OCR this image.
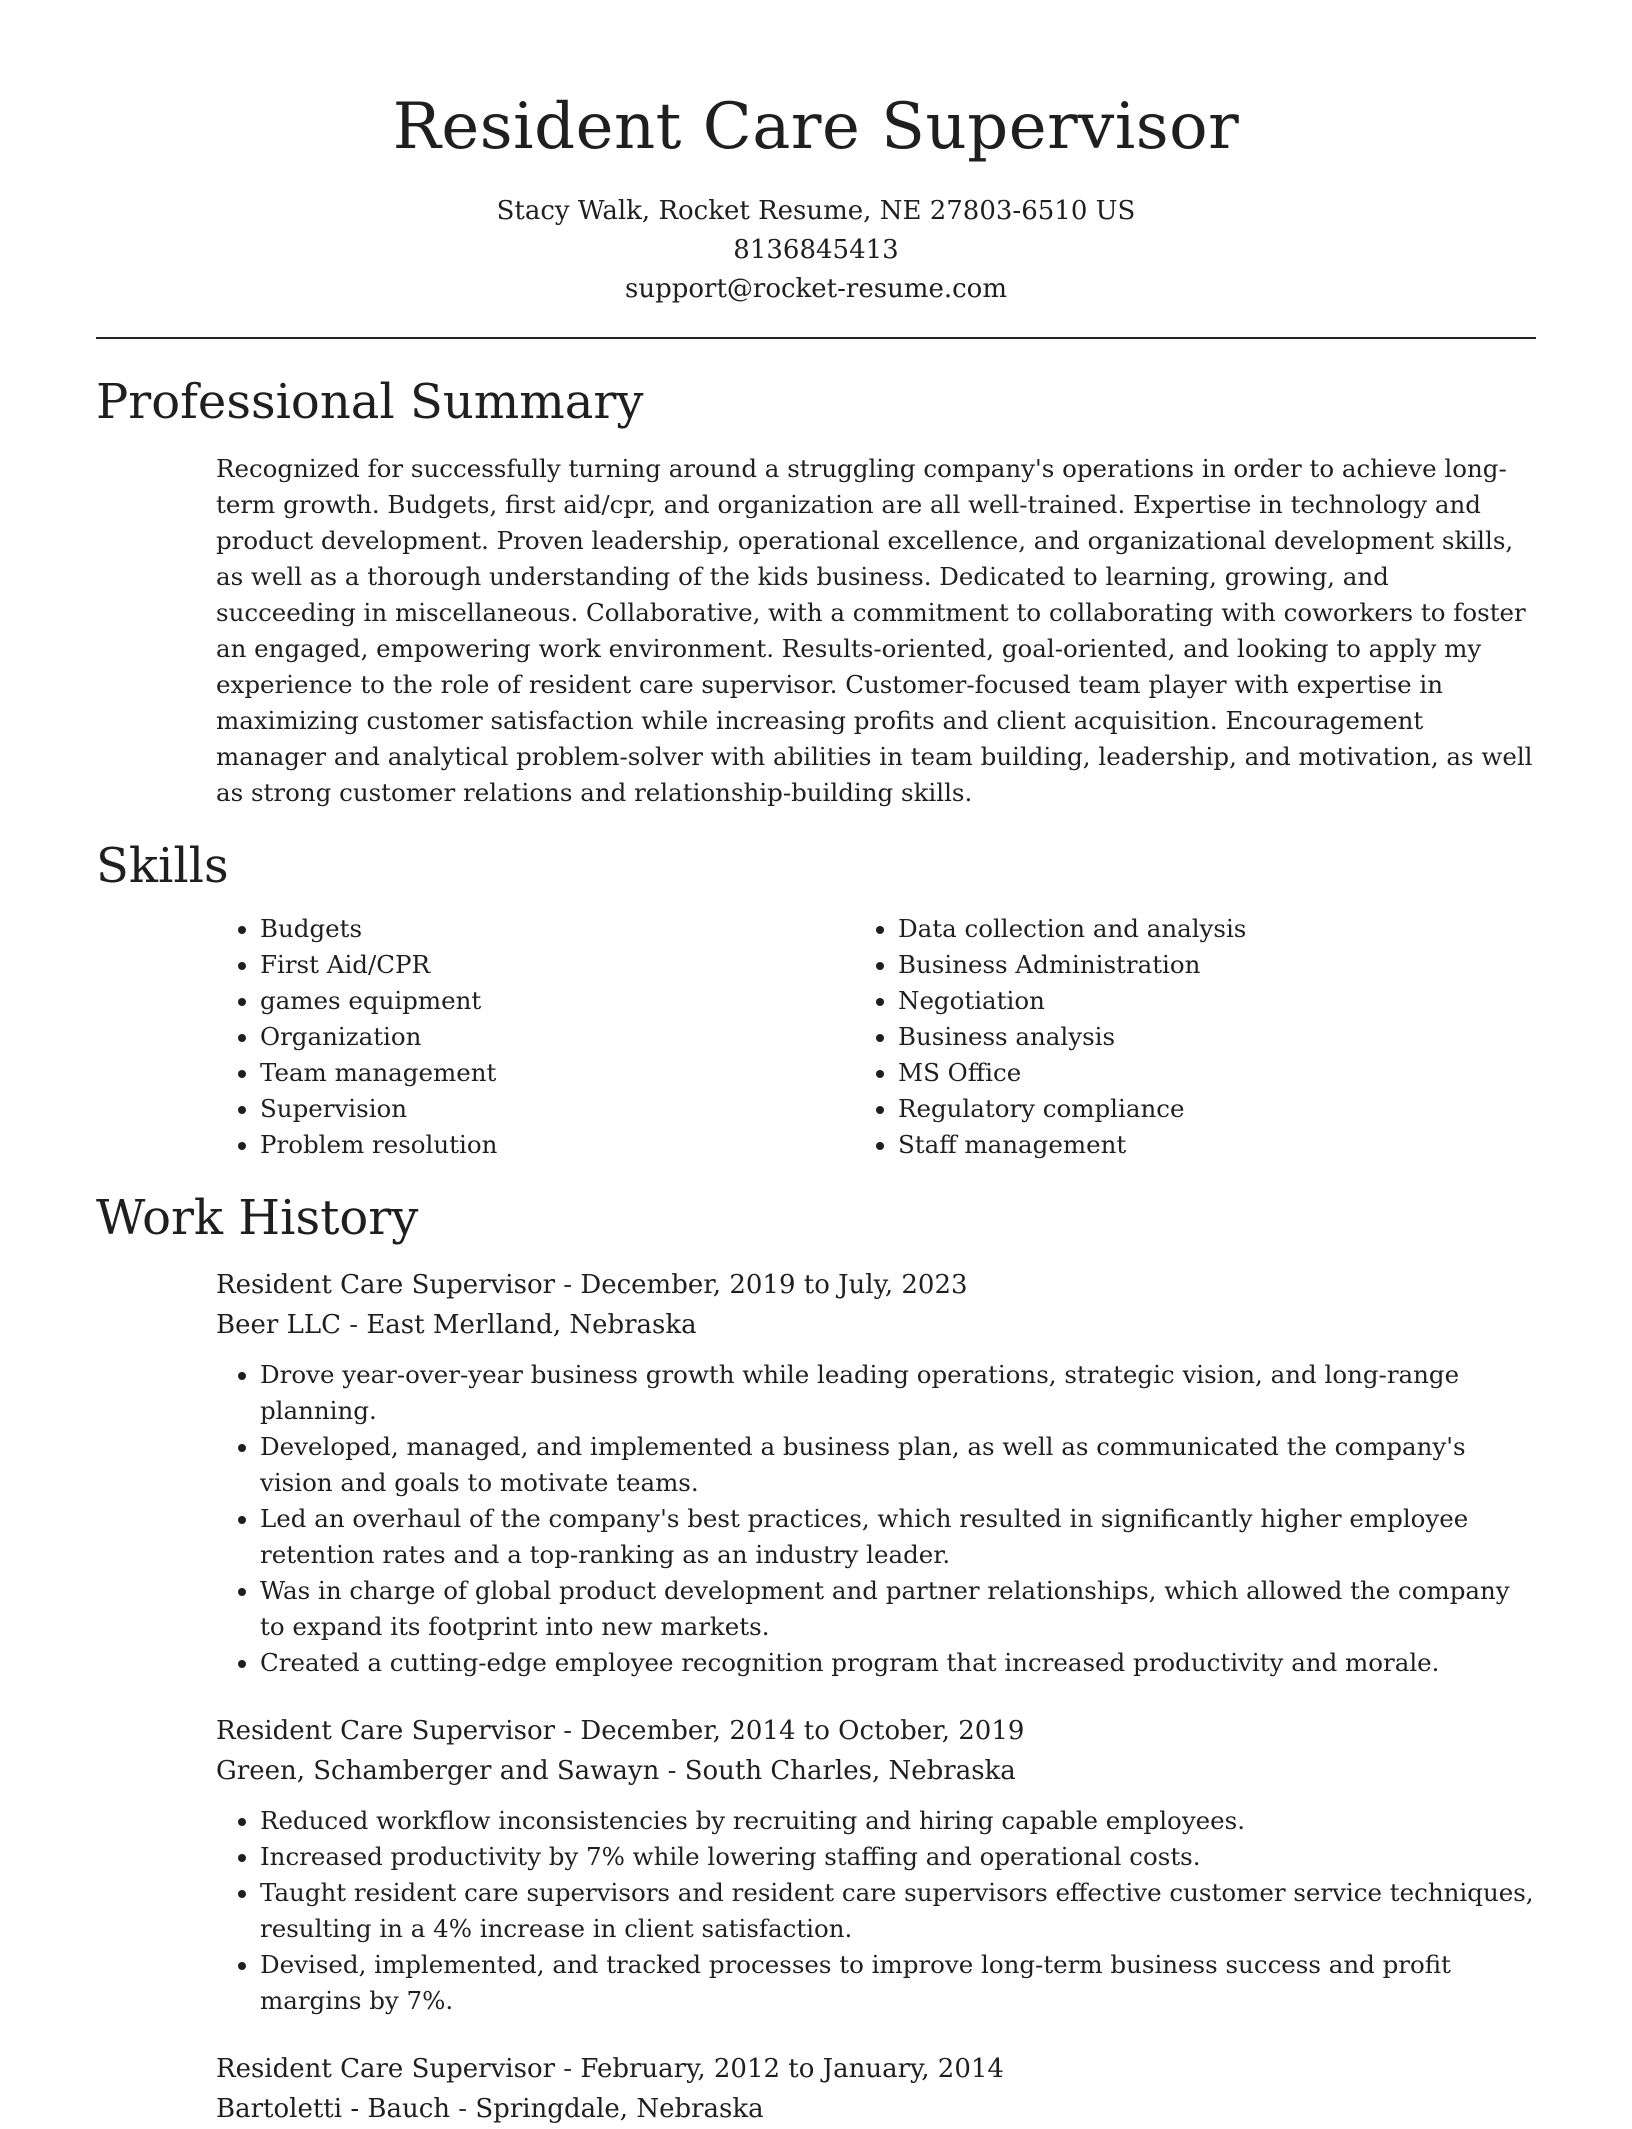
Resident Care Supervisor

Stacy Walk, Rocket Resume, NE 27803-6510 US

8136845413

support@rocket-resume.com

Professional Summary

Recognized for successfully turning around a struggling company's operations in order to achieve long-term growth. Budgets, first aid/cpr, and organization are all well-trained. Expertise in technology and product development. Proven leadership, operational excellence, and organizational development skills, as well as a thorough understanding of the kids business. Dedicated to learning, growing, and succeeding in miscellaneous. Collaborative, with a commitment to collaborating with coworkers to foster an engaged, empowering work environment. Results-oriented, goal-oriented, and looking to apply my experience to the role of resident care supervisor. Customer-focused team player with expertise in maximizing customer satisfaction while increasing profits and client acquisition. Encouragement manager and analytical problem-solver with abilities in team building, leadership, and motivation, as well as strong customer relations and relationship-building skills.

Skills
• Budgets
• First Aid/CPR
• games equipment
• Organization
• Team management
• Supervision
• Problem resolution
• Data collection and analysis
• Business Administration
• Negotiation
• Business analysis
• MS Office
• Regulatory compliance
• Staff management
Work History

Resident Care Supervisor - December, 2019 to July, 2023

Beer LLC - East Merlland, Nebraska

• Drove year-over-year business growth while leading operations, strategic vision, and long-range planning.
• Developed, managed, and implemented a business plan, as well as communicated the company's vision and goals to motivate teams.
• Led an overhaul of the company's best practices, which resulted in significantly higher employee retention rates and a top-ranking as an industry leader.
• Was in charge of global product development and partner relationships, which allowed the company to expand its footprint into new markets.
• Created a cutting-edge employee recognition program that increased productivity and morale.

Resident Care Supervisor - December, 2014 to October, 2019

Green, Schamberger and Sawayn - South Charles, Nebraska

• Reduced workflow inconsistencies by recruiting and hiring capable employees.
• Increased productivity by 7% while lowering staffing and operational costs.
• Taught resident care supervisors and resident care supervisors effective customer service techniques, resulting in a 4% increase in client satisfaction.
• Devised, implemented, and tracked processes to improve long-term business success and profit margins by 7%.

Resident Care Supervisor - February, 2012 to January, 2014

Bartoletti - Bauch - Springdale, Nebraska
